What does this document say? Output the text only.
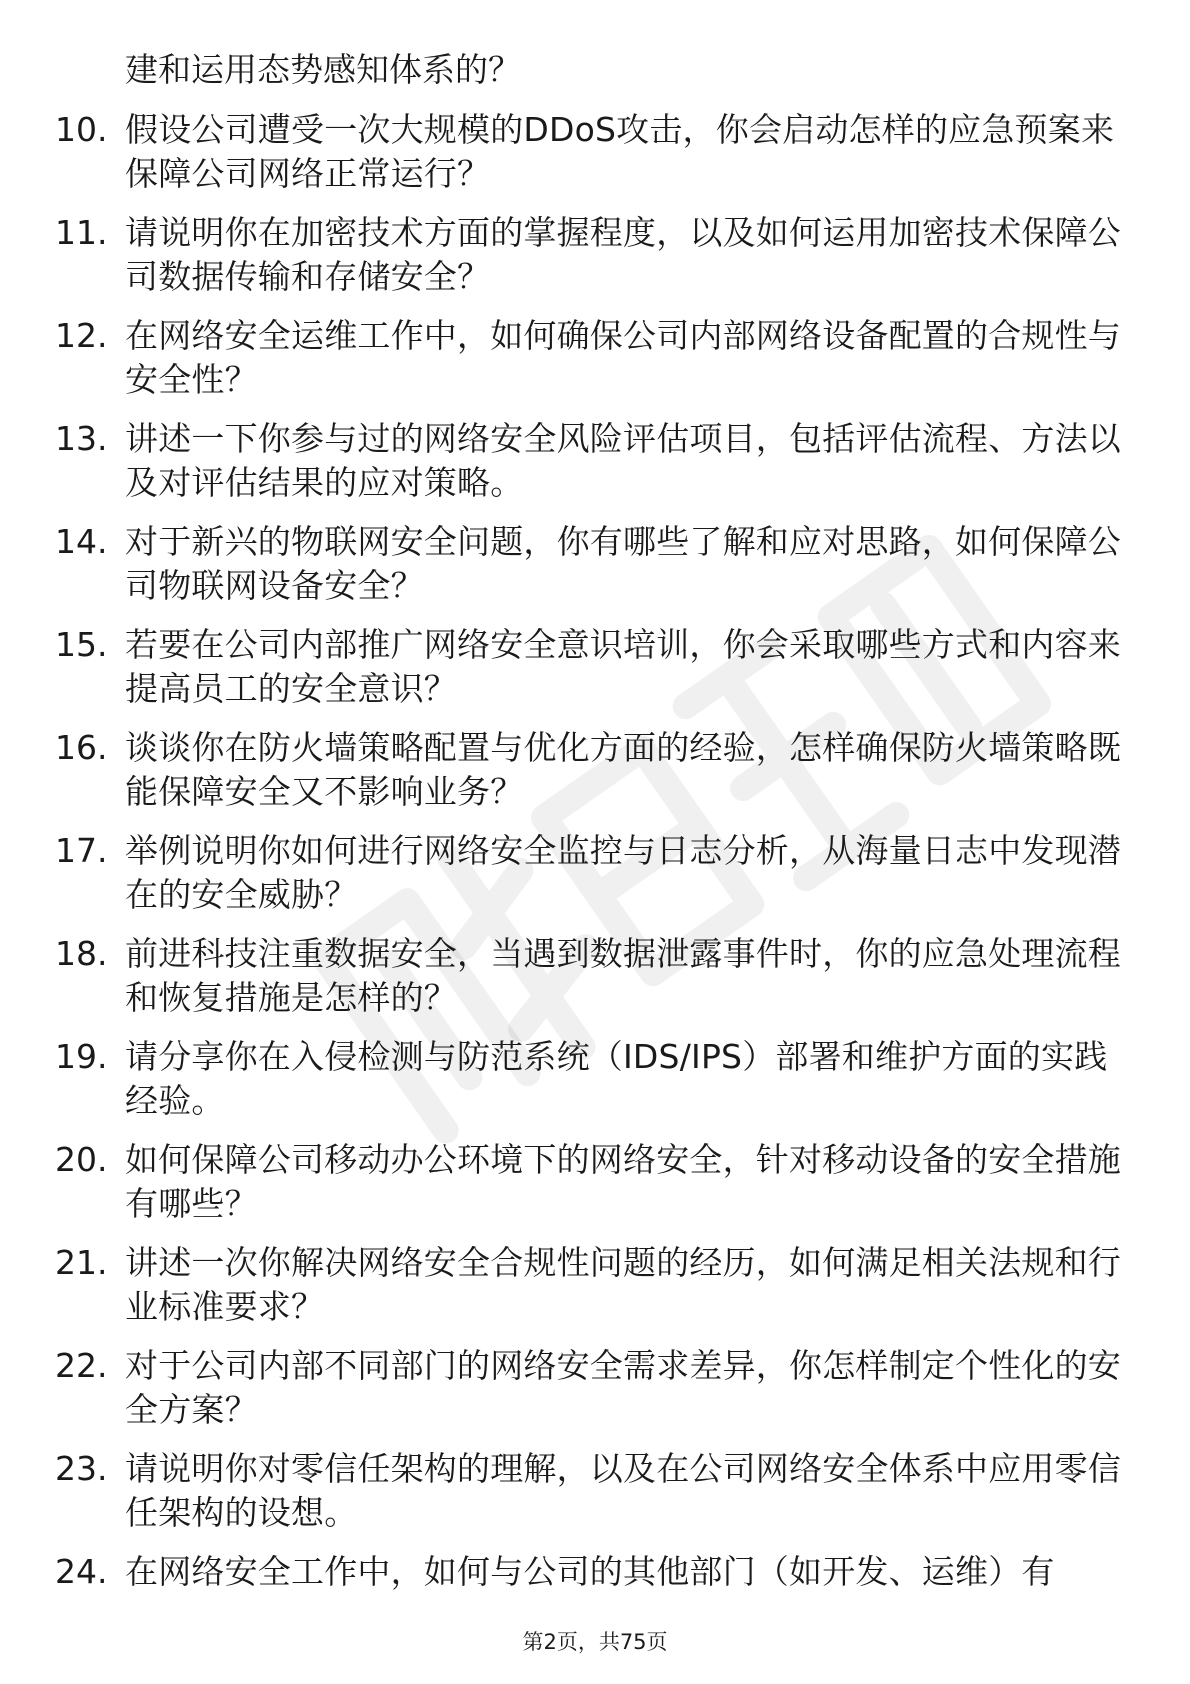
建和运用态势感知体系的？

10. 假设公司遭受一次大规模的DDoS攻击，你会启动怎样的应急预案来保障公司网络正常运行？
11. 请说明你在加密技术方面的掌握程度，以及如何运用加密技术保障公司数据传输和存储安全？
12. 在网络安全运维工作中，如何确保公司内部网络设备配置的合规性与安全性？
13. 讲述一下你参与过的网络安全风险评估项目，包括评估流程、方法以及对评估结果的应对策略。
14. 对于新兴的物联网安全问题，你有哪些了解和应对思路，如何保障公司物联网设备安全？
15. 若要在公司内部推广网络安全意识培训，你会采取哪些方式和内容来提高员工的安全意识？
16. 谈谈你在防火墙策略配置与优化方面的经验，怎样确保防火墙策略既能保障安全又不影响业务？
17. 举例说明你如何进行网络安全监控与日志分析，从海量日志中发现潜在的安全威胁？
18. 前进科技注重数据安全，当遇到数据泄露事件时，你的应急处理流程和恢复措施是怎样的？
19. 请分享你在入侵检测与防范系统（IDS/IPS）部署和维护方面的实践经验。
20. 如何保障公司移动办公环境下的网络安全，针对移动设备的安全措施有哪些？
21. 讲述一次你解决网络安全合规性问题的经历，如何满足相关法规和行业标准要求？
22. 对于公司内部不同部门的网络安全需求差异，你怎样制定个性化的安全方案？
23. 请说明你对零信任架构的理解，以及在公司网络安全体系中应用零信任架构的设想。
24. 在网络安全工作中，如何与公司的其他部门（如开发、运维）有
第2页，共75页
